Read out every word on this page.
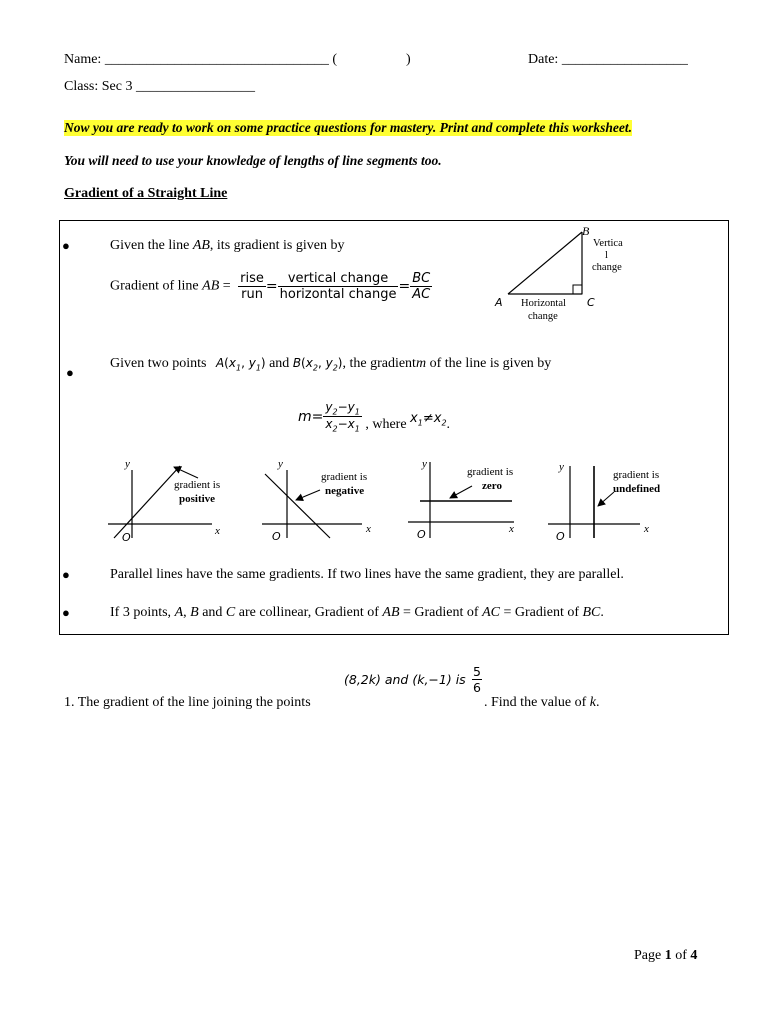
Name: ________________________________ (	)	Date: __________________
Class: Sec 3 _________________
Now you are ready to work on some practice questions for mastery. Print and complete this worksheet.
You will need to use your knowledge of lengths of line segments too.
Gradient of a Straight Line
●	Given the line AB, its gradient is given by
Gradient of line AB = $\frac{\text{rise}}{\text{run}} = \frac{\text{vertical change}}{\text{horizontal change}} = \frac{BC}{AC}$
B
A	C
Vertica
l
change
Horizontal
change
●
Given two points $A(x_1$, $y_1$) and $B(x_2$, $y_2$), the gradientm of the line is given by
$m= \frac{y_2-y_1}{x_2-x_1}$ , where $x_1\ne x_2$.
y
x
O
gradient is
positive
y
x
O
gradient is
negative
y
x
O
gradient is
zero
y
x
O
gradient is
undefined
●	Parallel lines have the same gradients. If two lines have the same gradient, they are parallel.
●	If 3 points, A, B and C are collinear, Gradient of AB = Gradient of AC = Gradient of BC.
1. The gradient of the line joining the points
(8,2k) and (k,−1) is
5
6
. Find the value of k.
Page 1 of 4
